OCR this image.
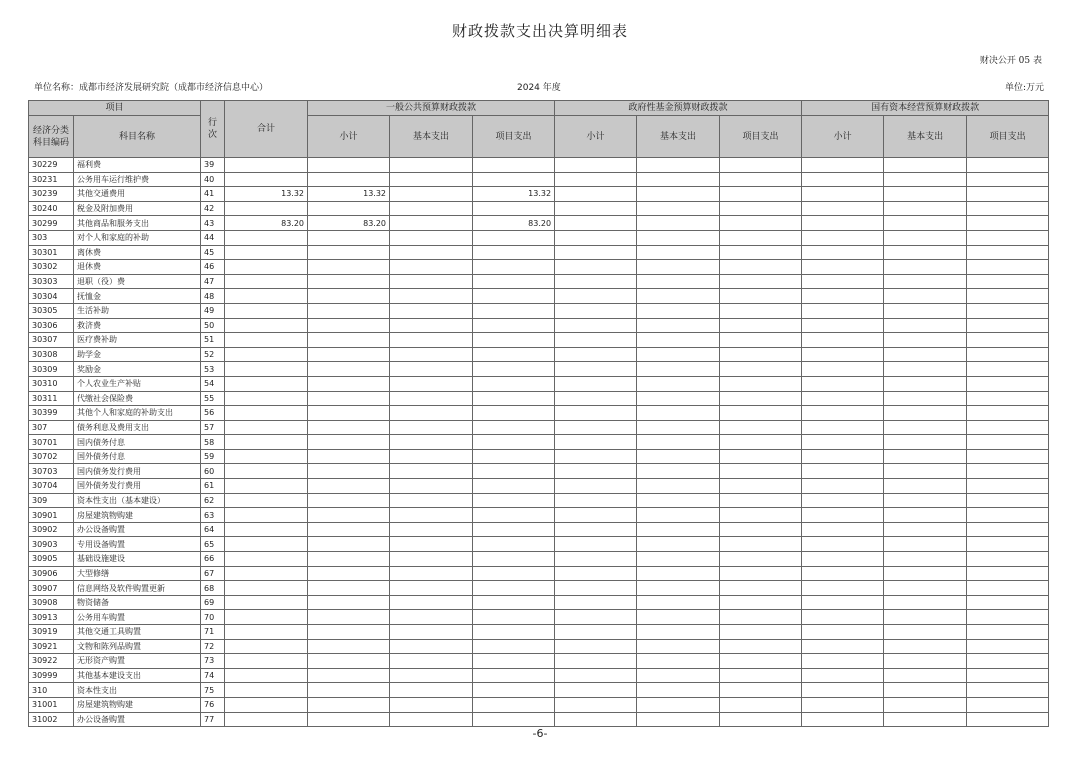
财政拨款支出决算明细表
财决公开 05 表
单位名称：成都市经济发展研究院（成都市经济信息中心）	2024 年度	单位:万元
项目		行次	合计	一般公共预算财政拨款			政府性基金预算财政拨款			国有资本经营预算财政拨款		
经济分类科目编码	科目名称			小计	基本支出	项目支出	小计	基本支出	项目支出	小计	基本支出	项目支出
30229	福利费	39										
30231	公务用车运行维护费	40										
30239	其他交通费用	41	13.32	13.32		13.32						
30240	税金及附加费用	42										
30299	其他商品和服务支出	43	83.20	83.20		83.20						
303	对个人和家庭的补助	44										
30301	离休费	45										
30302	退休费	46										
30303	退职（役）费	47										
30304	抚恤金	48										
30305	生活补助	49										
30306	救济费	50										
30307	医疗费补助	51										
30308	助学金	52										
30309	奖励金	53										
30310	个人农业生产补贴	54										
30311	代缴社会保险费	55										
30399	其他个人和家庭的补助支出	56										
307	债务利息及费用支出	57										
30701	国内债务付息	58										
30702	国外债务付息	59										
30703	国内债务发行费用	60										
30704	国外债务发行费用	61										
309	资本性支出（基本建设）	62										
30901	房屋建筑物购建	63										
30902	办公设备购置	64										
30903	专用设备购置	65										
30905	基础设施建设	66										
30906	大型修缮	67										
30907	信息网络及软件购置更新	68										
30908	物资储备	69										
30913	公务用车购置	70										
30919	其他交通工具购置	71										
30921	文物和陈列品购置	72										
30922	无形资产购置	73										
30999	其他基本建设支出	74										
310	资本性支出	75										
31001	房屋建筑物购建	76										
31002	办公设备购置	77										
-6-
